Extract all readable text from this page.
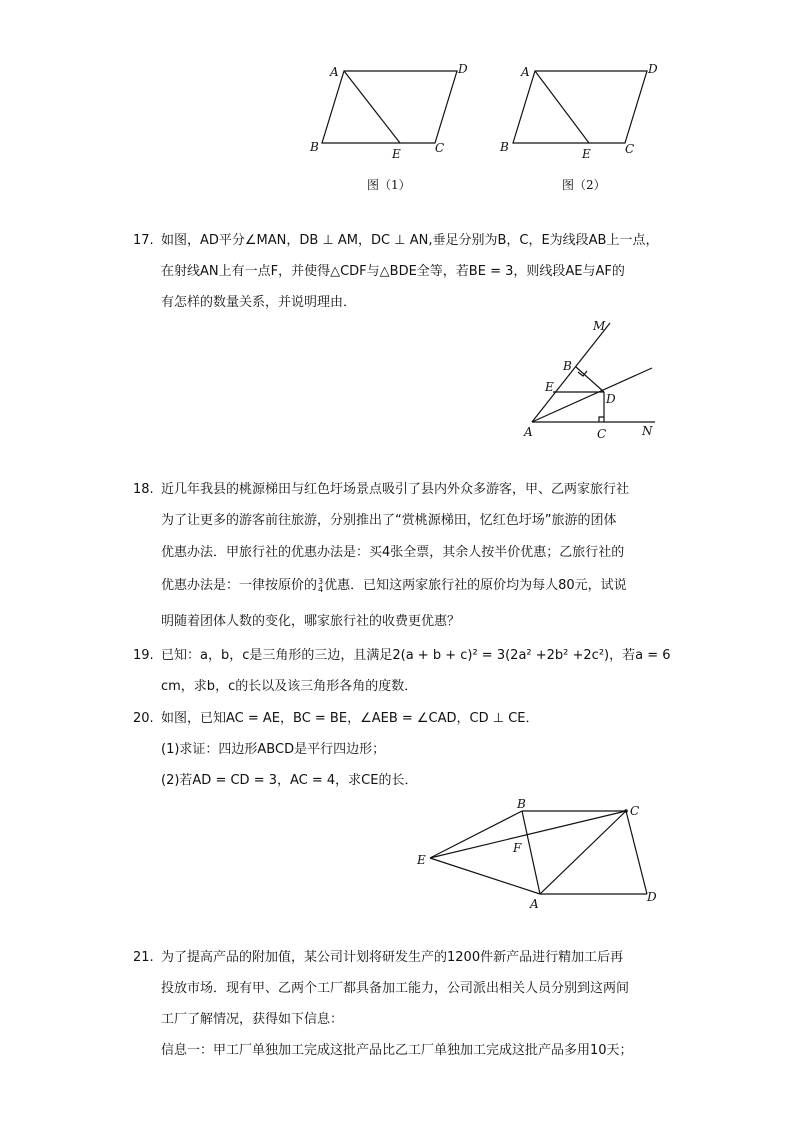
A	D
B	E	C
A	D
B	E	C
图（1）	图（2）
17. 如图，AD平分∠MAN，DB ⊥ AM，DC ⊥ AN,垂足分别为B，C，E为线段AB上一点，
在射线AN上有一点F，并使得△CDF与△BDE全等，若BE = 3，则线段AE与AF的
有怎样的数量关系，并说明理由．
M
B
E
D
A	C	N
18. 近几年我县的桃源梯田与红色圩场景点吸引了县内外众多游客，甲、乙两家旅行社
为了让更多的游客前往旅游，分别推出了“赏桃源梯田，忆红色圩场”旅游的团体
优惠办法．甲旅行社的优惠办法是：买4张全票，其余人按半价优惠；乙旅行社的
优惠办法是：一律按原价的 3
4 优惠．已知这两家旅行社的原价均为每人80元，试说
明随着团体人数的变化，哪家旅行社的收费更优惠？
19. 已知：a，b，c是三角形的三边，且满足2(a + b + c)² = 3(2a² +2b² +2c²)，若a = 6
cm，求b，c的长以及该三角形各角的度数．
20. 如图，已知AC = AE，BC = BE，∠AEB = ∠CAD，CD ⊥ CE．
(1)求证：四边形ABCD是平行四边形；
(2)若AD = CD = 3，AC = 4，求CE的长．
B	C
E
F
A	D
21. 为了提高产品的附加值，某公司计划将研发生产的1200件新产品进行精加工后再
投放市场．现有甲、乙两个工厂都具备加工能力，公司派出相关人员分别到这两间
工厂了解情况，获得如下信息：
信息一：甲工厂单独加工完成这批产品比乙工厂单独加工完成这批产品多用10天；
